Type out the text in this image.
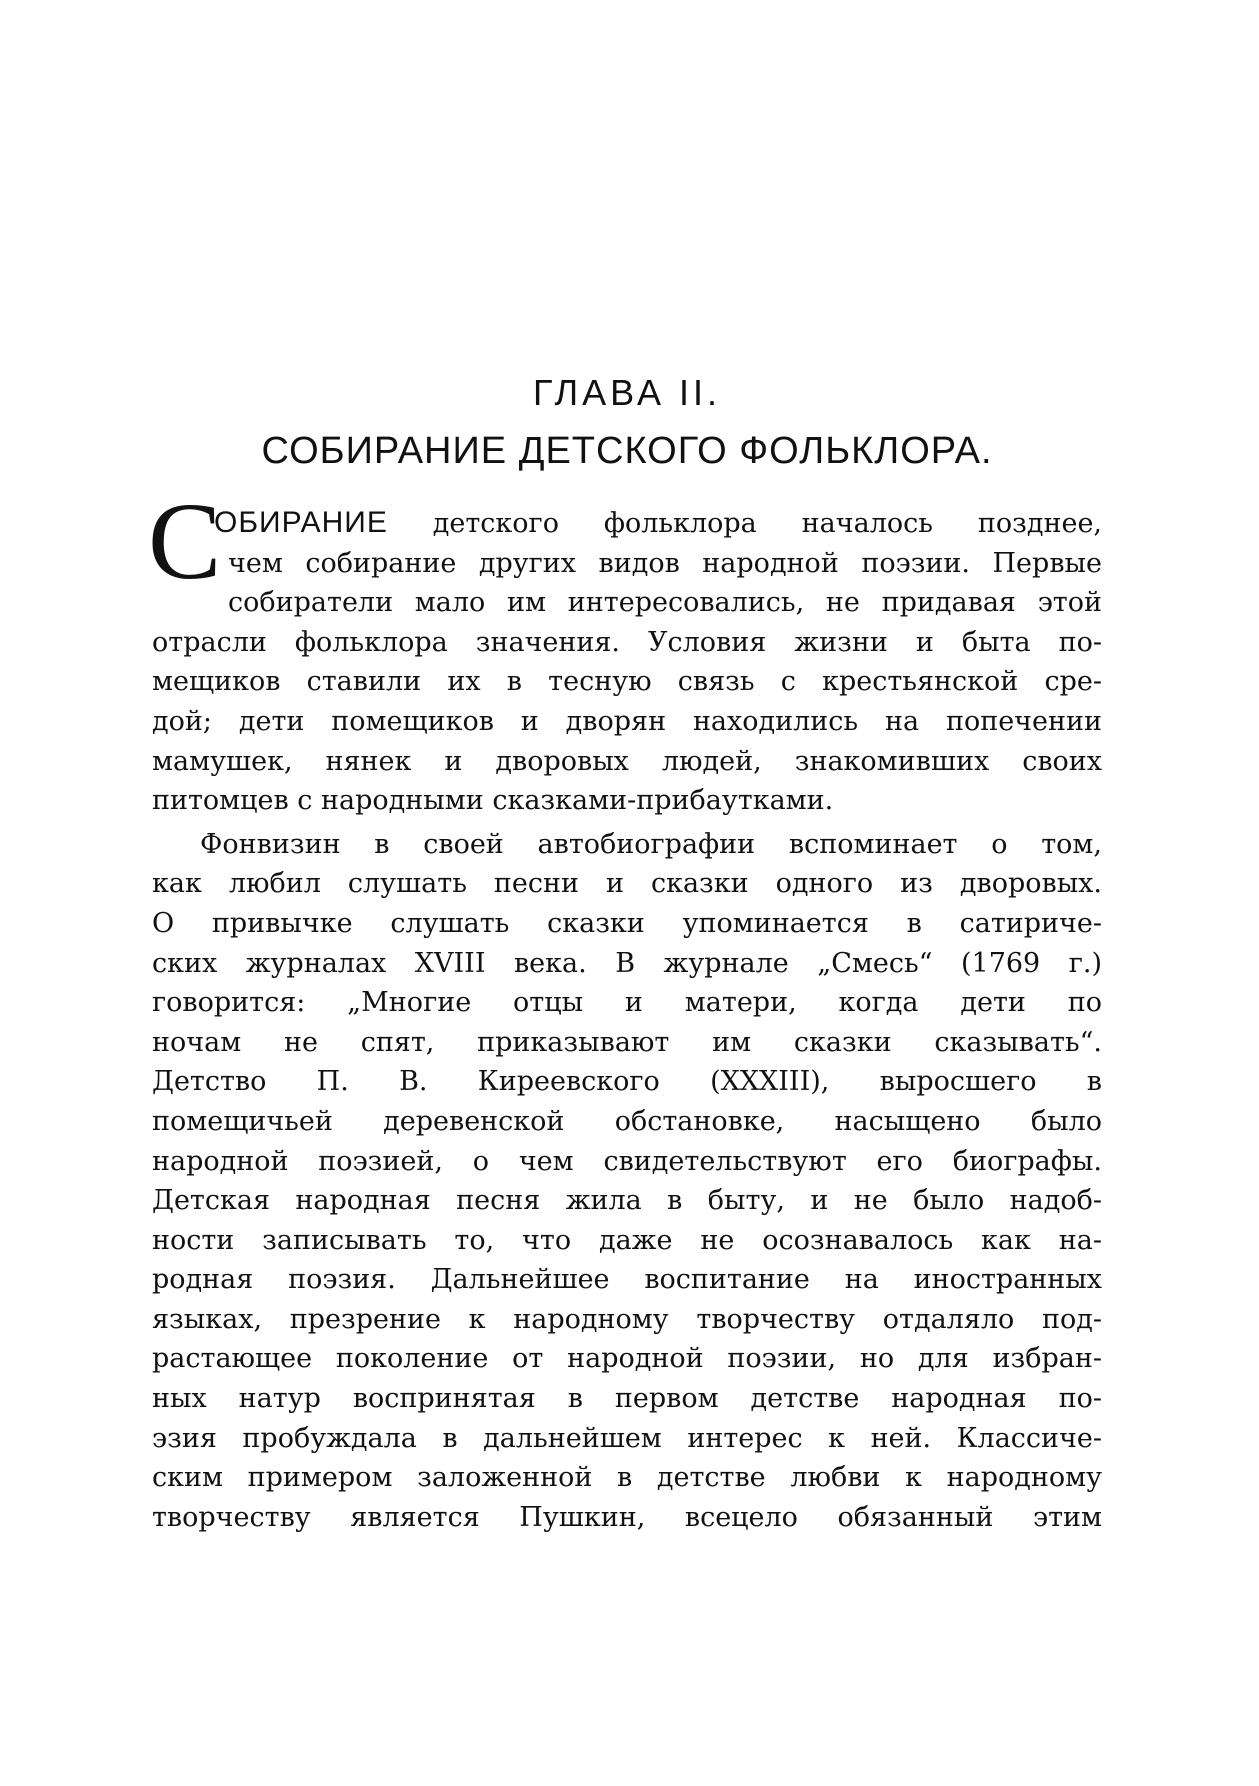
ГЛАВА II.
СОБИРАНИЕ ДЕТСКОГО ФОЛЬКЛОРА.
С
ОБИРАНИЕ детского фольклора началось позднее,
чем собирание других видов народной поэзии. Первые
собиратели мало им интересовались, не придавая этой
отрасли фольклора значения. Условия жизни и быта по-
мещиков ставили их в тесную связь с крестьянской сре-
дой; дети помещиков и дворян находились на попечении
мамушек, нянек и дворовых людей, знакомивших своих
питомцев с народными сказками-прибаутками.
Фонвизин в своей автобиографии вспоминает о том,
как любил слушать песни и сказки одного из дворовых.
О привычке слушать сказки упоминается в сатириче-
ских журналах XVIII века. В журнале „Смесь“ (1769 г.)
говорится: „Многие отцы и матери, когда дети по
ночам не спят, приказывают им сказки сказывать“.
Детство П. В. Киреевского (XXXIII), выросшего в
помещичьей деревенской обстановке, насыщено было
народной поэзией, о чем свидетельствуют его биографы.
Детская народная песня жила в быту, и не было надоб-
ности записывать то, что даже не осознавалось как на-
родная поэзия. Дальнейшее воспитание на иностранных
языках, презрение к народному творчеству отдаляло под-
растающее поколение от народной поэзии, но для избран-
ных натур воспринятая в первом детстве народная по-
эзия пробуждала в дальнейшем интерес к ней. Классиче-
ским примером заложенной в детстве любви к народному
творчеству является Пушкин, всецело обязанный этим
